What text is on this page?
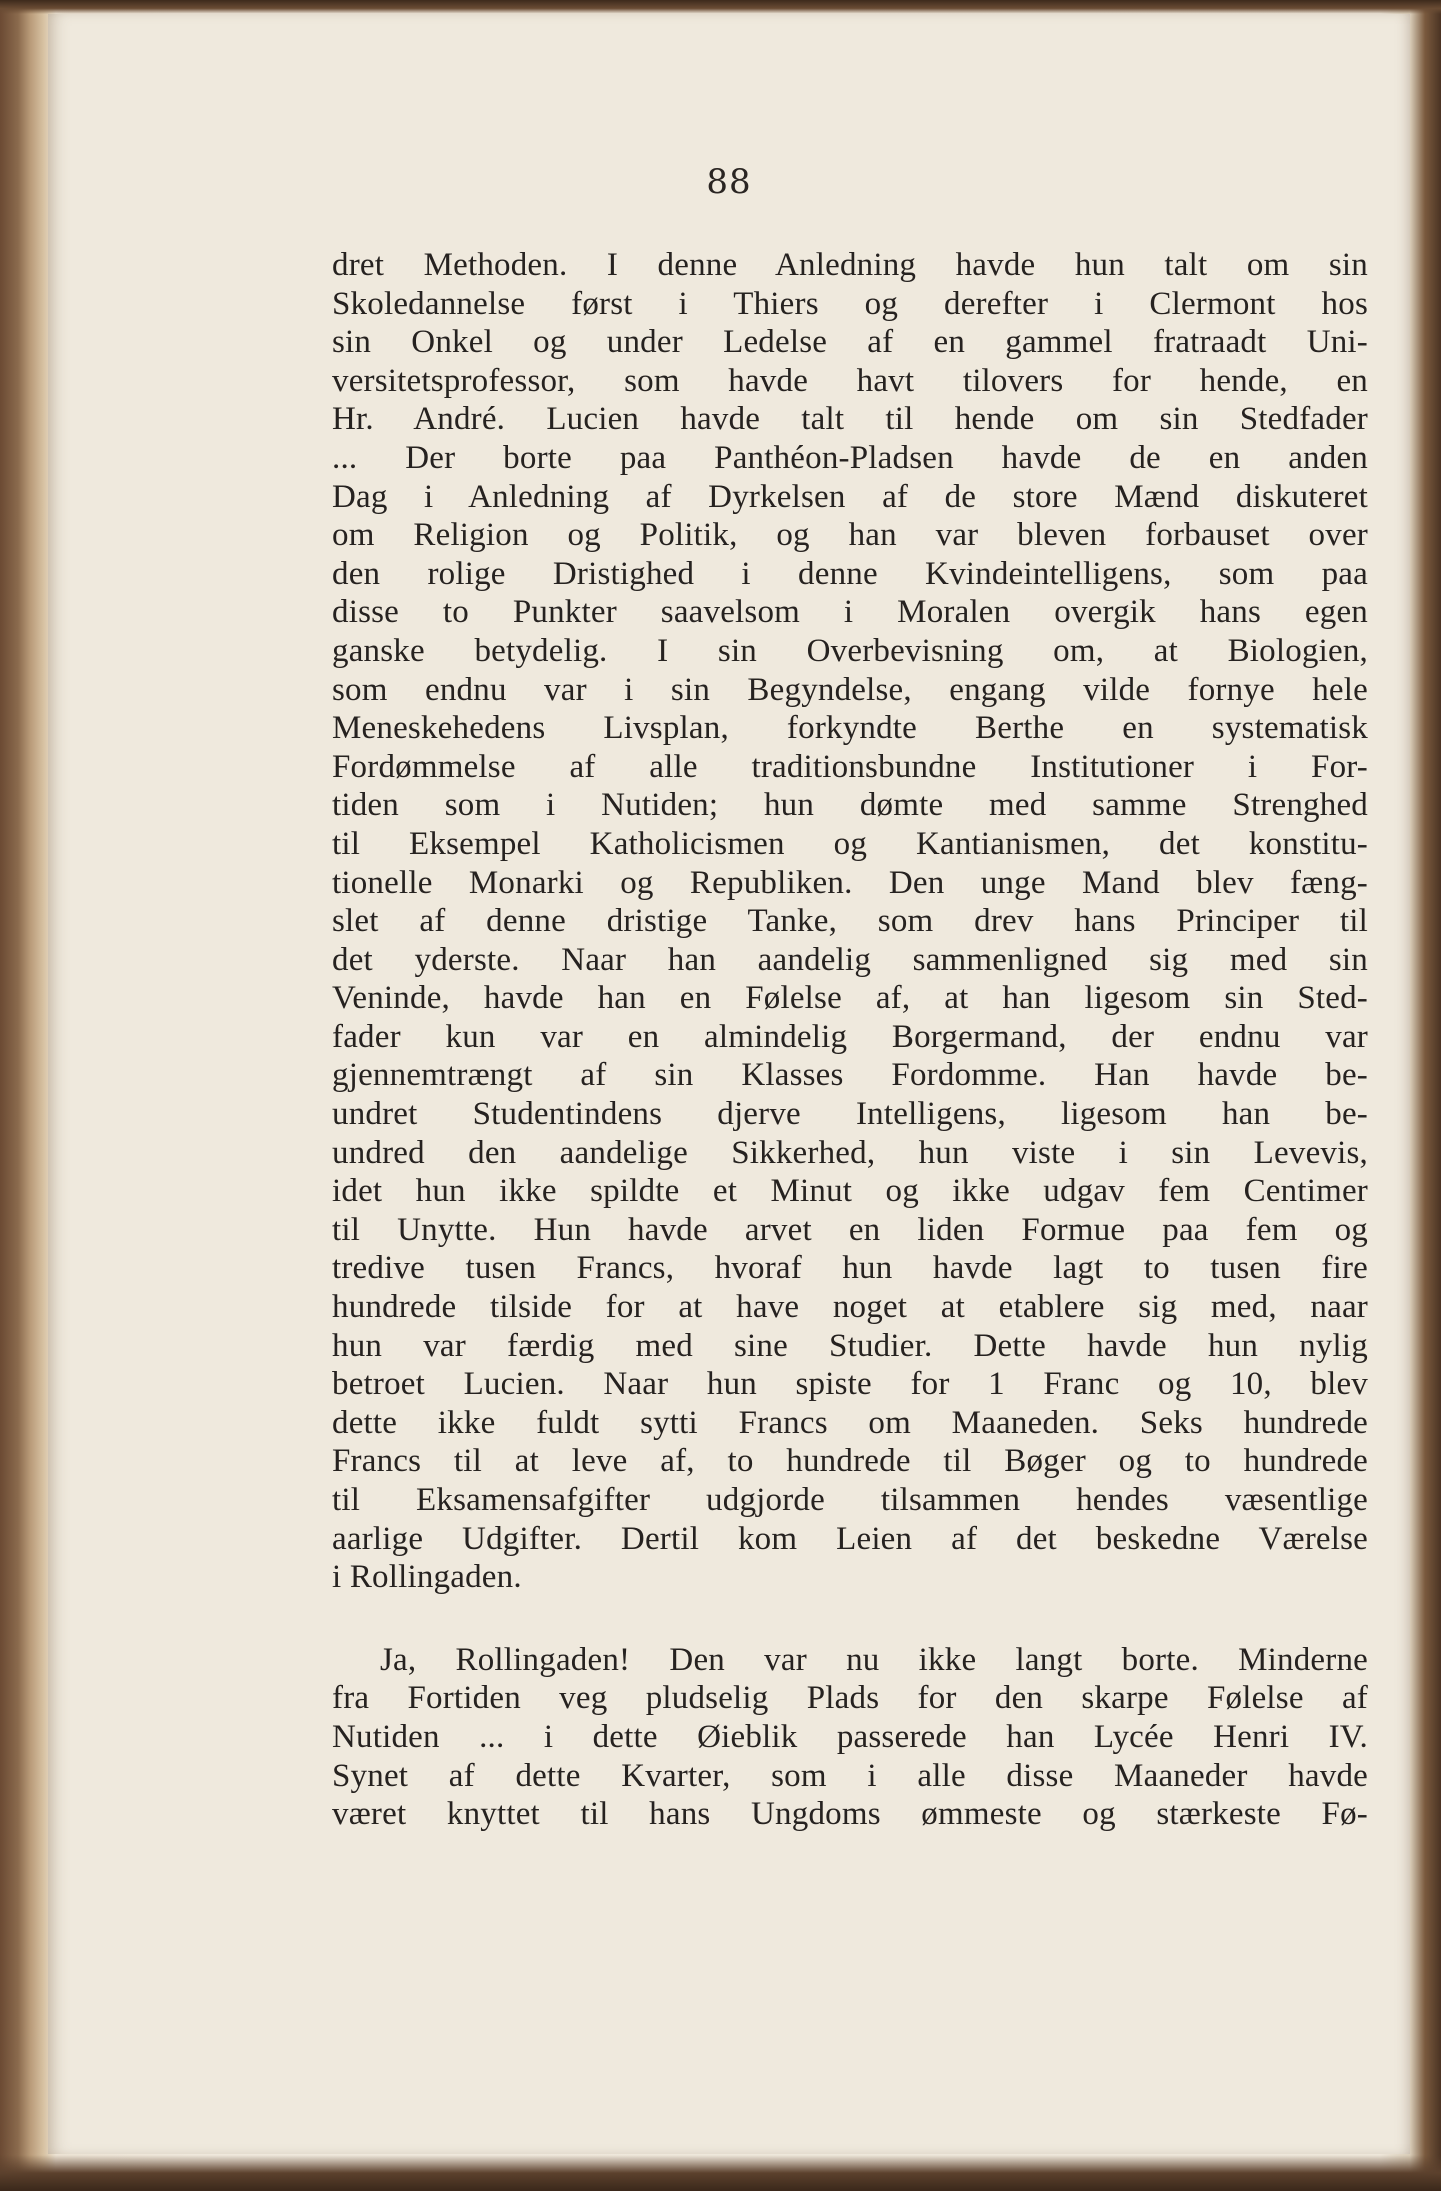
88
dret Methoden. I denne Anledning havde hun talt om sin
Skoledannelse først i Thiers og derefter i Clermont hos
sin Onkel og under Ledelse af en gammel fratraadt Uni-
versitetsprofessor, som havde havt tilovers for hende, en
Hr. André. Lucien havde talt til hende om sin Stedfader
... Der borte paa Panthéon-Pladsen havde de en anden
Dag i Anledning af Dyrkelsen af de store Mænd diskuteret
om Religion og Politik, og han var bleven forbauset over
den rolige Dristighed i denne Kvindeintelligens, som paa
disse to Punkter saavelsom i Moralen overgik hans egen
ganske betydelig. I sin Overbevisning om, at Biologien,
som endnu var i sin Begyndelse, engang vilde fornye hele
Meneskehedens Livsplan, forkyndte Berthe en systematisk
Fordømmelse af alle traditionsbundne Institutioner i For-
tiden som i Nutiden; hun dømte med samme Strenghed
til Eksempel Katholicismen og Kantianismen, det konstitu-
tionelle Monarki og Republiken. Den unge Mand blev fæng-
slet af denne dristige Tanke, som drev hans Principer til
det yderste. Naar han aandelig sammenligned sig med sin
Veninde, havde han en Følelse af, at han ligesom sin Sted-
fader kun var en almindelig Borgermand, der endnu var
gjennemtrængt af sin Klasses Fordomme. Han havde be-
undret Studentindens djerve Intelligens, ligesom han be-
undred den aandelige Sikkerhed, hun viste i sin Levevis,
idet hun ikke spildte et Minut og ikke udgav fem Centimer
til Unytte. Hun havde arvet en liden Formue paa fem og
tredive tusen Francs, hvoraf hun havde lagt to tusen fire
hundrede tilside for at have noget at etablere sig med, naar
hun var færdig med sine Studier. Dette havde hun nylig
betroet Lucien. Naar hun spiste for 1 Franc og 10, blev
dette ikke fuldt sytti Francs om Maaneden. Seks hundrede
Francs til at leve af, to hundrede til Bøger og to hundrede
til Eksamensafgifter udgjorde tilsammen hendes væsentlige
aarlige Udgifter. Dertil kom Leien af det beskedne Værelse
i Rollingaden.
Ja, Rollingaden! Den var nu ikke langt borte. Minderne
fra Fortiden veg pludselig Plads for den skarpe Følelse af
Nutiden ... i dette Øieblik passerede han Lycée Henri IV.
Synet af dette Kvarter, som i alle disse Maaneder havde
været knyttet til hans Ungdoms ømmeste og stærkeste Fø-
